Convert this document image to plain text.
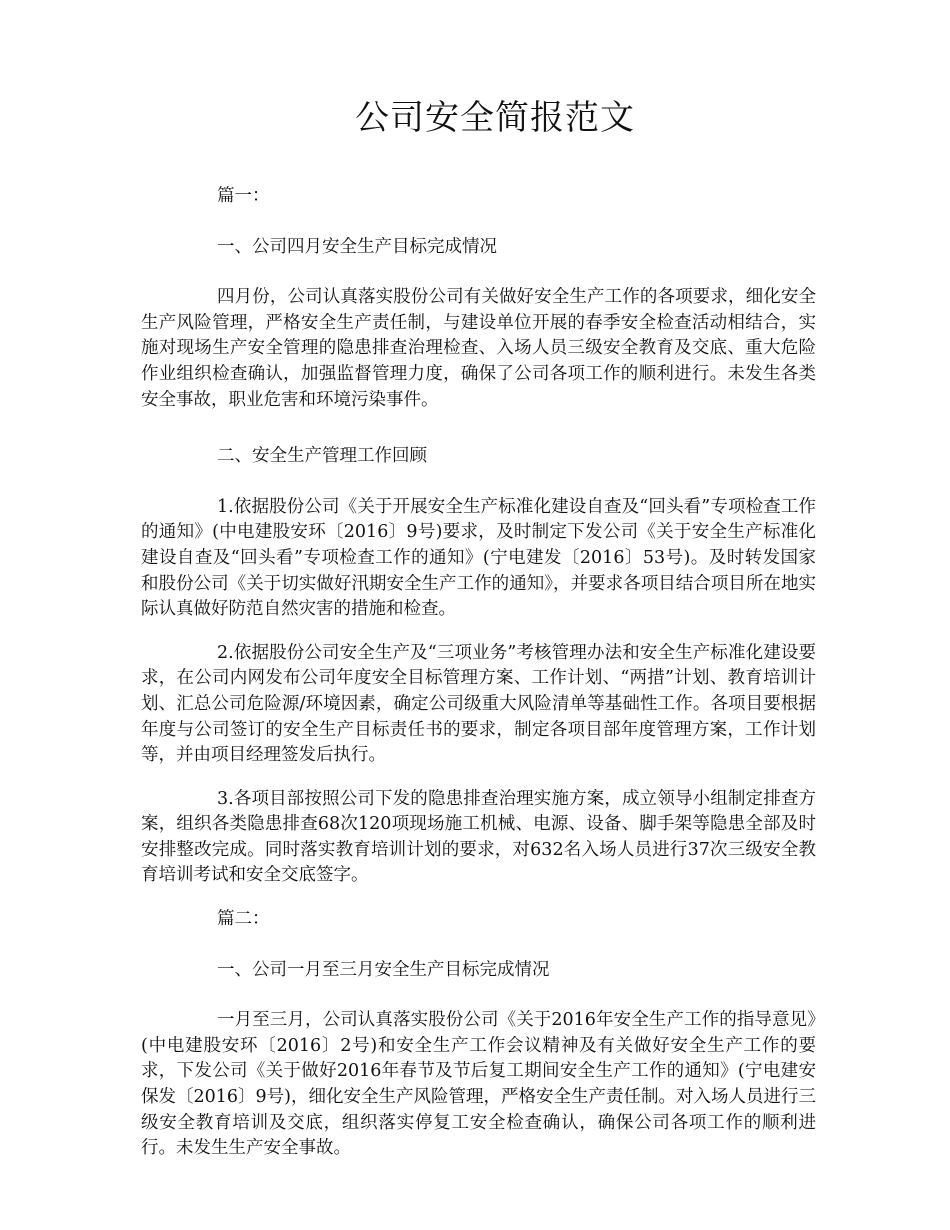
公司安全简报范文

篇一：

一、公司四月安全生产目标完成情况

四月份，公司认真落实股份公司有关做好安全生产工作的各项要求，细化安全生产风险管理，严格安全生产责任制，与建设单位开展的春季安全检查活动相结合，实施对现场生产安全管理的隐患排查治理检查、入场人员三级安全教育及交底、重大危险作业组织检查确认，加强监督管理力度，确保了公司各项工作的顺利进行。未发生各类安全事故，职业危害和环境污染事件。

二、安全生产管理工作回顾

1.依据股份公司《关于开展安全生产标准化建设自查及“回头看”专项检查工作的通知》(中电建股安环〔2016〕9号)要求，及时制定下发公司《关于安全生产标准化建设自查及“回头看”专项检查工作的通知》(宁电建发〔2016〕53号)。及时转发国家和股份公司《关于切实做好汛期安全生产工作的通知》，并要求各项目结合项目所在地实际认真做好防范自然灾害的措施和检查。

2.依据股份公司安全生产及“三项业务”考核管理办法和安全生产标准化建设要求，在公司内网发布公司年度安全目标管理方案、工作计划、“两措”计划、教育培训计划、汇总公司危险源/环境因素，确定公司级重大风险清单等基础性工作。各项目要根据年度与公司签订的安全生产目标责任书的要求，制定各项目部年度管理方案，工作计划等，并由项目经理签发后执行。

3.各项目部按照公司下发的隐患排查治理实施方案，成立领导小组制定排查方案，组织各类隐患排查68次120项现场施工机械、电源、设备、脚手架等隐患全部及时安排整改完成。同时落实教育培训计划的要求，对632名入场人员进行37次三级安全教育培训考试和安全交底签字。

篇二：

一、公司一月至三月安全生产目标完成情况

一月至三月，公司认真落实股份公司《关于2016年安全生产工作的指导意见》(中电建股安环〔2016〕2号)和安全生产工作会议精神及有关做好安全生产工作的要求，下发公司《关于做好2016年春节及节后复工期间安全生产工作的通知》(宁电建安保发〔2016〕9号)，细化安全生产风险管理，严格安全生产责任制。对入场人员进行三级安全教育培训及交底，组织落实停复工安全检查确认，确保公司各项工作的顺利进行。未发生生产安全事故。
